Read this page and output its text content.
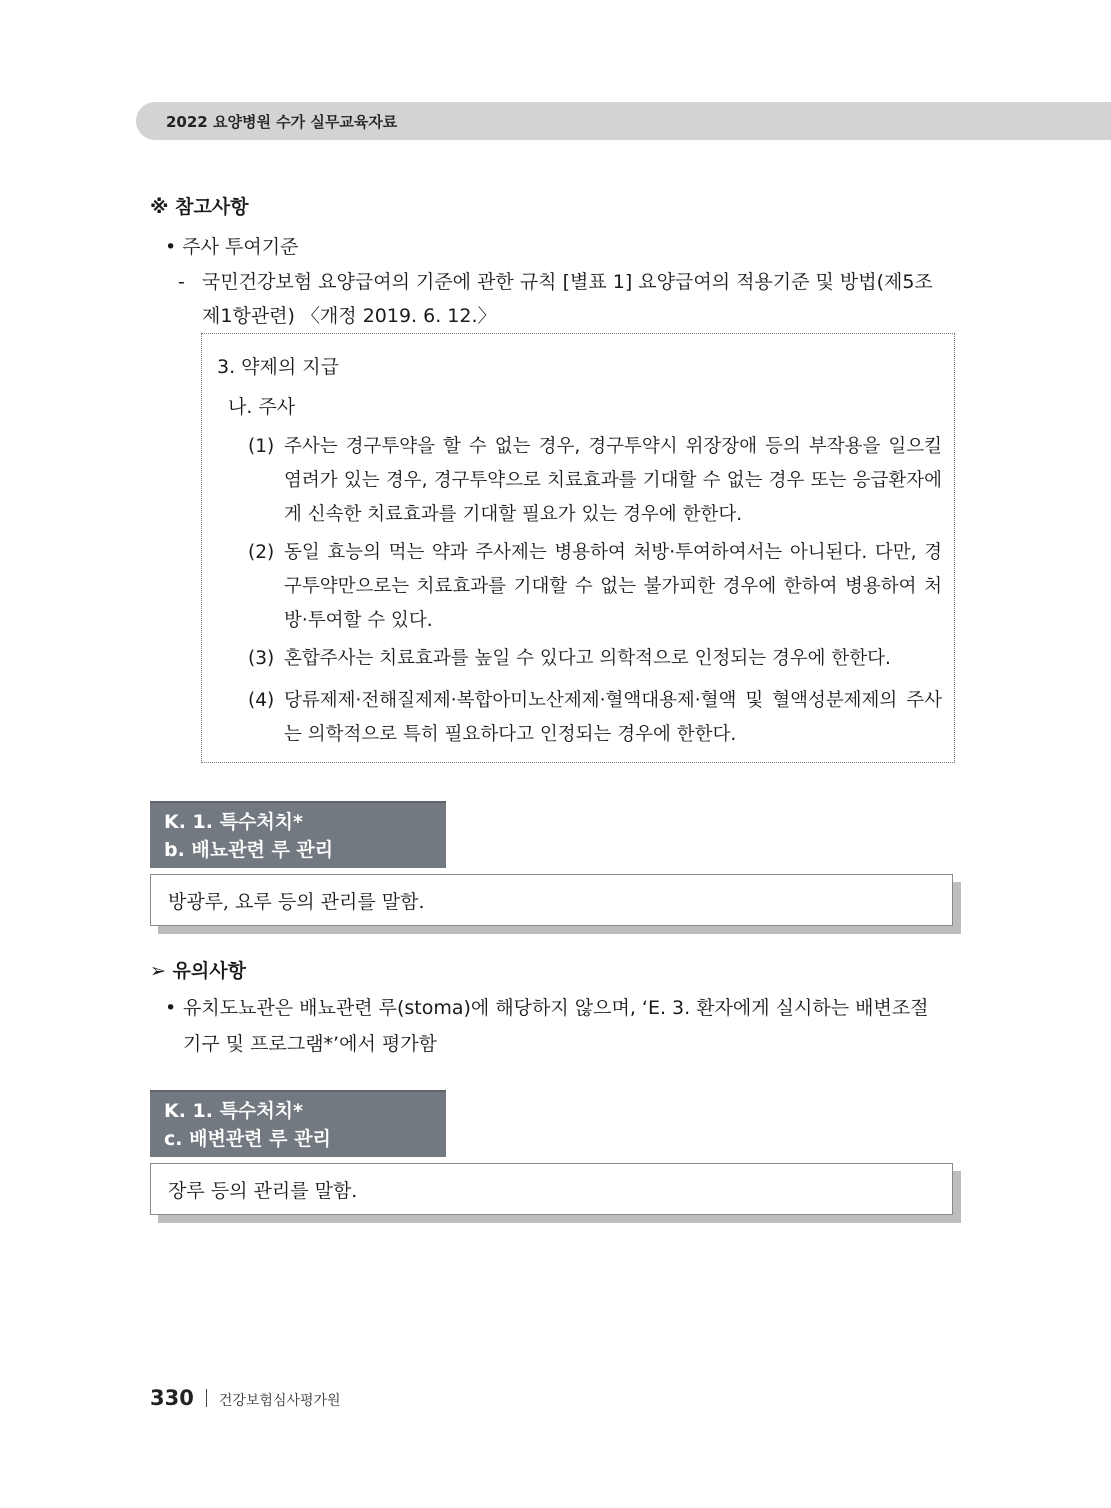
2022 요양병원 수가 실무교육자료
※ 참고사항
• 주사 투여기준
- 국민건강보험 요양급여의 기준에 관한 규칙 [별표 1] 요양급여의 적용기준 및 방법(제5조
제1항관련) 〈개정 2019. 6. 12.〉
3. 약제의 지급
나. 주사
(1) 주사는 경구투약을 할 수 없는 경우, 경구투약시 위장장애 등의 부작용을 일으킬 염려가 있는 경우, 경구투약으로 치료효과를 기대할 수 없는 경우 또는 응급환자에게 신속한 치료효과를 기대할 필요가 있는 경우에 한한다.
(2) 동일 효능의 먹는 약과 주사제는 병용하여 처방·투여하여서는 아니된다. 다만, 경구투약만으로는 치료효과를 기대할 수 없는 불가피한 경우에 한하여 병용하여 처방·투여할 수 있다.
(3) 혼합주사는 치료효과를 높일 수 있다고 의학적으로 인정되는 경우에 한한다.
(4) 당류제제·전해질제제·복합아미노산제제·혈액대용제·혈액 및 혈액성분제제의 주사는 의학적으로 특히 필요하다고 인정되는 경우에 한한다.
K. 1. 특수처치*
b. 배뇨관련 루 관리
방광루, 요루 등의 관리를 말함.
➢ 유의사항
• 유치도뇨관은 배뇨관련 루(stoma)에 해당하지 않으며, ‘E. 3. 환자에게 실시하는 배변조절
기구 및 프로그램*’에서 평가함
K. 1. 특수처치*
c. 배변관련 루 관리
장루 등의 관리를 말함.
330 건강보험심사평가원
